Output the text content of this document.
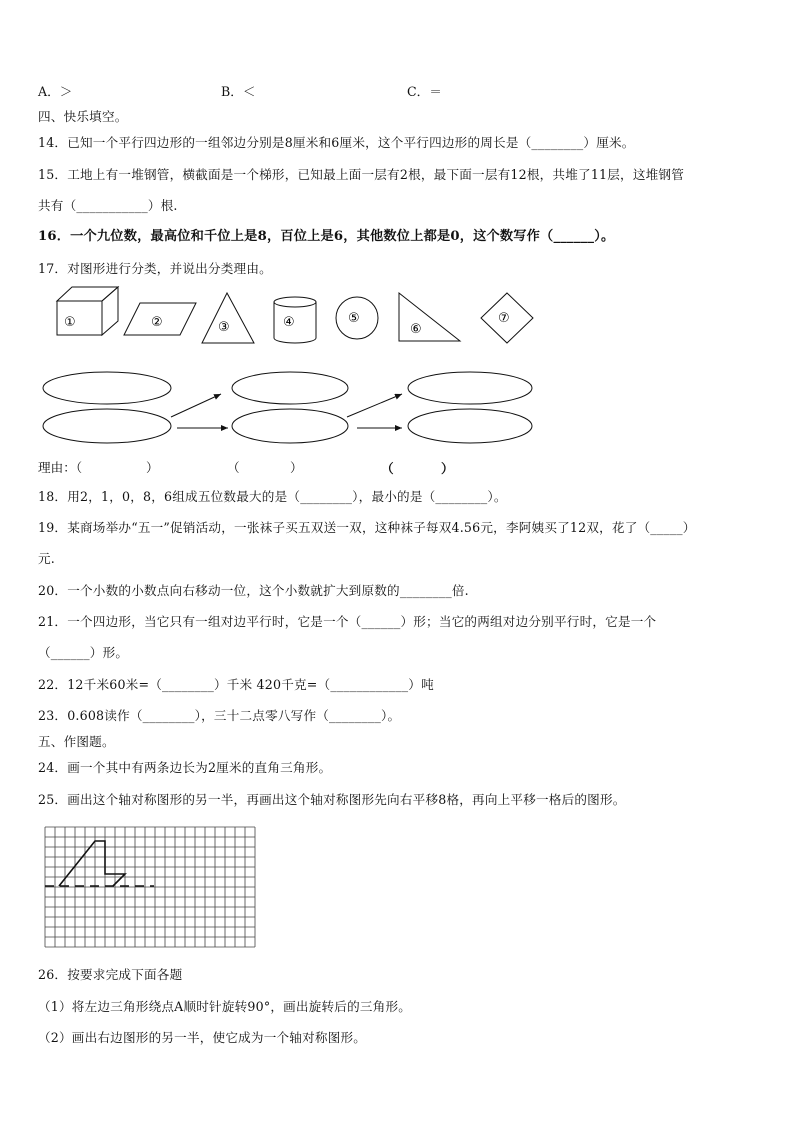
A．＞	B．＜	C．＝
四、快乐填空。
14．已知一个平行四边形的一组邻边分别是8厘米和6厘米，这个平行四边形的周长是（________）厘米。
15．工地上有一堆钢管，横截面是一个梯形，已知最上面一层有2根，最下面一层有12根，共堆了11层，这堆钢管
共有（___________）根.
16．一个九位数，最高位和千位上是8，百位上是6，其他数位上都是0，这个数写作（______）。
17．对图形进行分类，并说出分类理由。
①	②	③	④	⑤
⑥
⑦
理由：（	）	（	）	（	）
18．用2，1，0，8，6组成五位数最大的是（________），最小的是（________）。
19．某商场举办“五一”促销活动，一张袜子买五双送一双，这种袜子每双4.56元，李阿姨买了12双，花了（_____）
元.
20．一个小数的小数点向右移动一位，这个小数就扩大到原数的________倍.
21．一个四边形，当它只有一组对边平行时，它是一个（______）形；当它的两组对边分别平行时，它是一个
（______）形。
22．12千米60米=（________）千米 420千克=（____________）吨
23．0.608读作（________），三十二点零八写作（________）。
五、作图题。
24．画一个其中有两条边长为2厘米的直角三角形。
25．画出这个轴对称图形的另一半，再画出这个轴对称图形先向右平移8格，再向上平移一格后的图形。
26．按要求完成下面各题
（1）将左边三角形绕点A顺时针旋转90°，画出旋转后的三角形。
（2）画出右边图形的另一半，使它成为一个轴对称图形。
